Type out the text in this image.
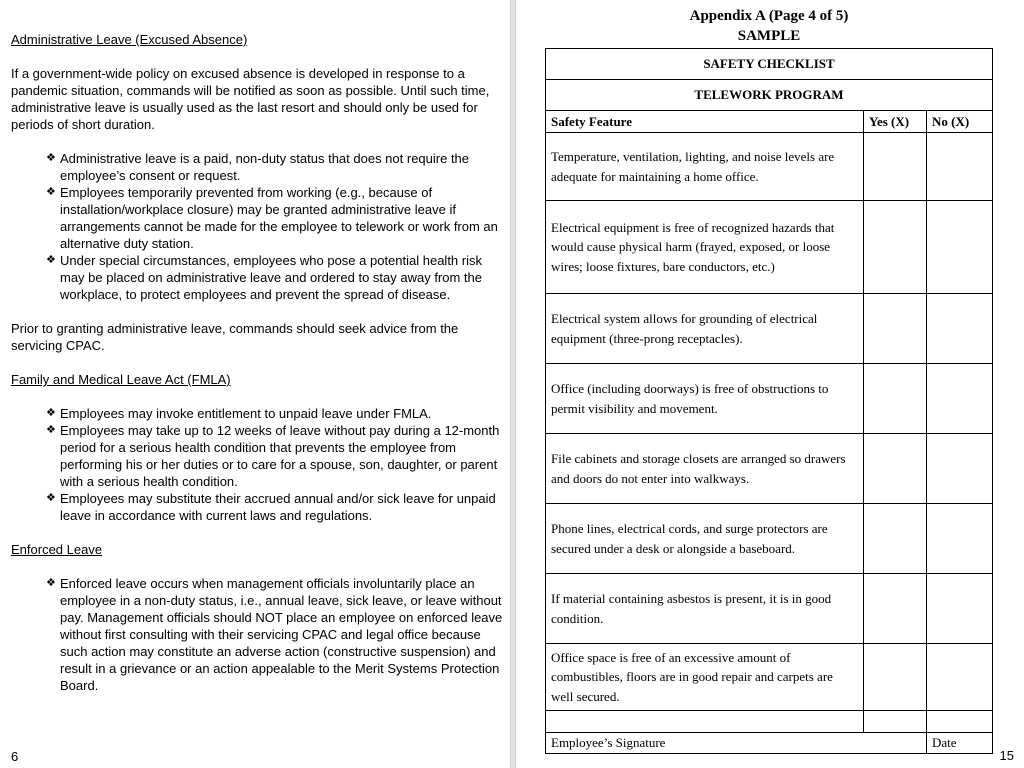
Administrative Leave (Excused Absence)

If a government-wide policy on excused absence is developed in response to a pandemic situation, commands will be notified as soon as possible. Until such time, administrative leave is usually used as the last resort and should only be used for periods of short duration.

❖ Administrative leave is a paid, non-duty status that does not require the employee’s consent or request.
❖ Employees temporarily prevented from working (e.g., because of installation/workplace closure) may be granted administrative leave if arrangements cannot be made for the employee to telework or work from an alternative duty station.
❖ Under special circumstances, employees who pose a potential health risk may be placed on administrative leave and ordered to stay away from the workplace, to protect employees and prevent the spread of disease.

Prior to granting administrative leave, commands should seek advice from the servicing CPAC.

Family and Medical Leave Act (FMLA)

❖ Employees may invoke entitlement to unpaid leave under FMLA.
❖ Employees may take up to 12 weeks of leave without pay during a 12-month period for a serious health condition that prevents the employee from performing his or her duties or to care for a spouse, son, daughter, or parent with a serious health condition.
❖ Employees may substitute their accrued annual and/or sick leave for unpaid leave in accordance with current laws and regulations.

Enforced Leave

❖ Enforced leave occurs when management officials involuntarily place an employee in a non-duty status, i.e., annual leave, sick leave, or leave without pay. Management officials should NOT place an employee on enforced leave without first consulting with their servicing CPAC and legal office because such action may constitute an adverse action (constructive suspension) and result in a grievance or an action appealable to the Merit Systems Protection Board.
6
Appendix A (Page 4 of 5)
SAMPLE
SAFETY CHECKLIST		
TELEWORK PROGRAM		
Safety Feature	Yes (X)	No (X)
Temperature, ventilation, lighting, and noise levels are adequate for maintaining a home office.		
Electrical equipment is free of recognized hazards that would cause physical harm (frayed, exposed, or loose wires; loose fixtures, bare conductors, etc.)		
Electrical system allows for grounding of electrical equipment (three-prong receptacles).		
Office (including doorways) is free of obstructions to permit visibility and movement.		
File cabinets and storage closets are arranged so drawers and doors do not enter into walkways.		
Phone lines, electrical cords, and surge protectors are secured under a desk or alongside a baseboard.		
If material containing asbestos is present, it is in good condition.		
Office space is free of an excessive amount of combustibles, floors are in good repair and carpets are well secured.		

Employee’s Signature		Date
15
